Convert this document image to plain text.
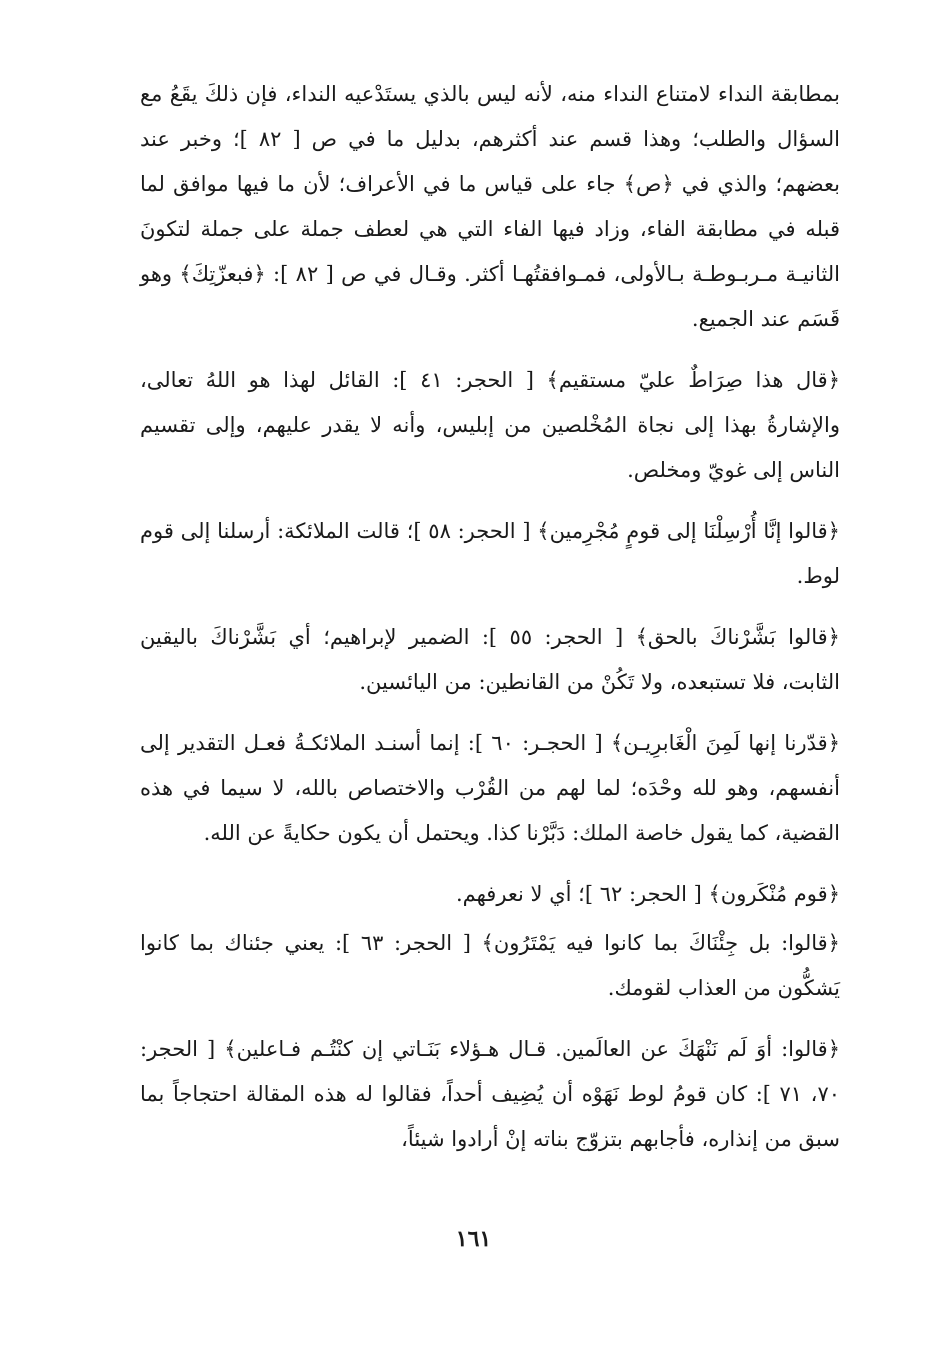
بمطابقة النداء لامتناع النداء منه، لأنه ليس بالذي يستَدْعيه النداء، فإن ذلكَ يقَعُ مع السؤال والطلب؛ وهذا قسم عند أكثرهم، بدليل ما في ص [ ٨٢ ]؛ وخبر عند بعضهم؛ والذي في ﴿ص﴾ جاء على قياس ما في الأعراف؛ لأن ما فيها موافق لما قبله في مطابقة الفاء، وزاد فيها الفاء التي هي لعطف جملة على جملة لتكونَ الثانيـة مـربـوطـة بـالأولى، فمـوافقتُهـا أكثر. وقـال في ص [ ٨٢ ]: ﴿فبعزّتِكَ﴾ وهو قَسَم عند الجميع.

﴿قال هذا صِرَاطٌ عليّ مستقيم﴾ [ الحجر: ٤١ ]: القائل لهذا هو اللهُ تعالى، والإشارةُ بهذا إلى نجاة المُخْلصين من إبليس، وأنه لا يقدر عليهم، وإلى تقسيم الناس إلى غويّ ومخلص.

﴿قالوا إنَّا أُرْسِلْنَا إلى قومٍ مُجْرِمين﴾ [ الحجر: ٥٨ ]؛ قالت الملائكة: أرسلنا إلى قوم لوط.

﴿قالوا بَشَّرْناكَ بالحق﴾ [ الحجر: ٥٥ ]: الضمير لإبراهيم؛ أي بَشَّرْناكَ باليقين الثابت، فلا تستبعده، ولا تَكُنْ من القانطين: من اليائسين.

﴿قدّرنا إنها لَمِنَ الْغَابرِيـن﴾ [ الحجـر: ٦٠ ]: إنما أسنـد الملائكـةُ فعـل التقدير إلى أنفسهم، وهو لله وحْدَه؛ لما لهم من القُرْب والاختصاص بالله، لا سيما في هذه القضية، كما يقول خاصة الملك: دَبَّرْنا كذا. ويحتمل أن يكون حكايةً عن الله.

﴿قوم مُنْكَرون﴾ [ الحجر: ٦٢ ]؛ أي لا نعرفهم.

﴿قالوا: بل جِئْنَاكَ بما كانوا فيه يَمْتَرُون﴾ [ الحجر: ٦٣ ]: يعني جئناك بما كانوا يَشكُّون من العذاب لقومك.

﴿قالوا: أوَ لَم نَنْهَكَ عن العالَمين. قـال هـؤلاء بَنَـاتي إن كنْتُـم فـاعلين﴾ [ الحجر: ٧٠، ٧١ ]: كان قومُ لوط نَهَوْه أن يُضِيف أحداً، فقالوا له هذه المقالة احتجاجاً بما سبق من إنذاره، فأجابهم بتزوّج بناته إنْ أرادوا شيئاً،

١٦١
